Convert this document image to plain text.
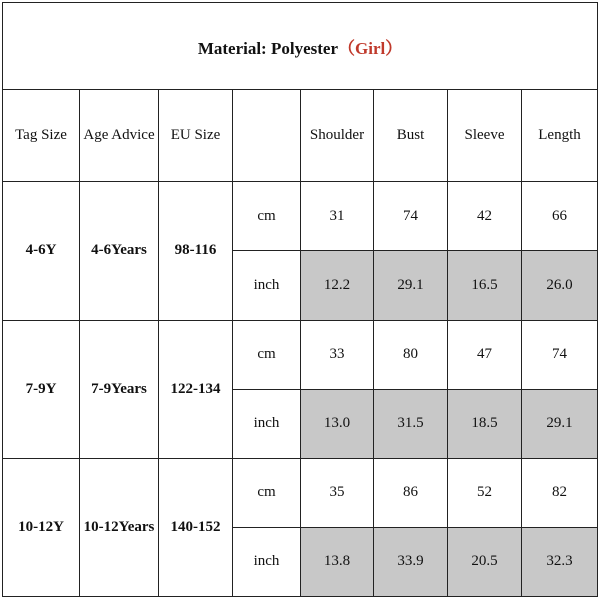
Material: Polyester（Girl）							
Tag Size	Age Advice	EU Size		Shoulder	Bust	Sleeve	Length
4-6Y	4-6Years	98-116	cm	31	74	42	66
			inch	12.2	29.1	16.5	26.0
7-9Y	7-9Years	122-134	cm	33	80	47	74
			inch	13.0	31.5	18.5	29.1
10-12Y	10-12Years	140-152	cm	35	86	52	82
			inch	13.8	33.9	20.5	32.3
